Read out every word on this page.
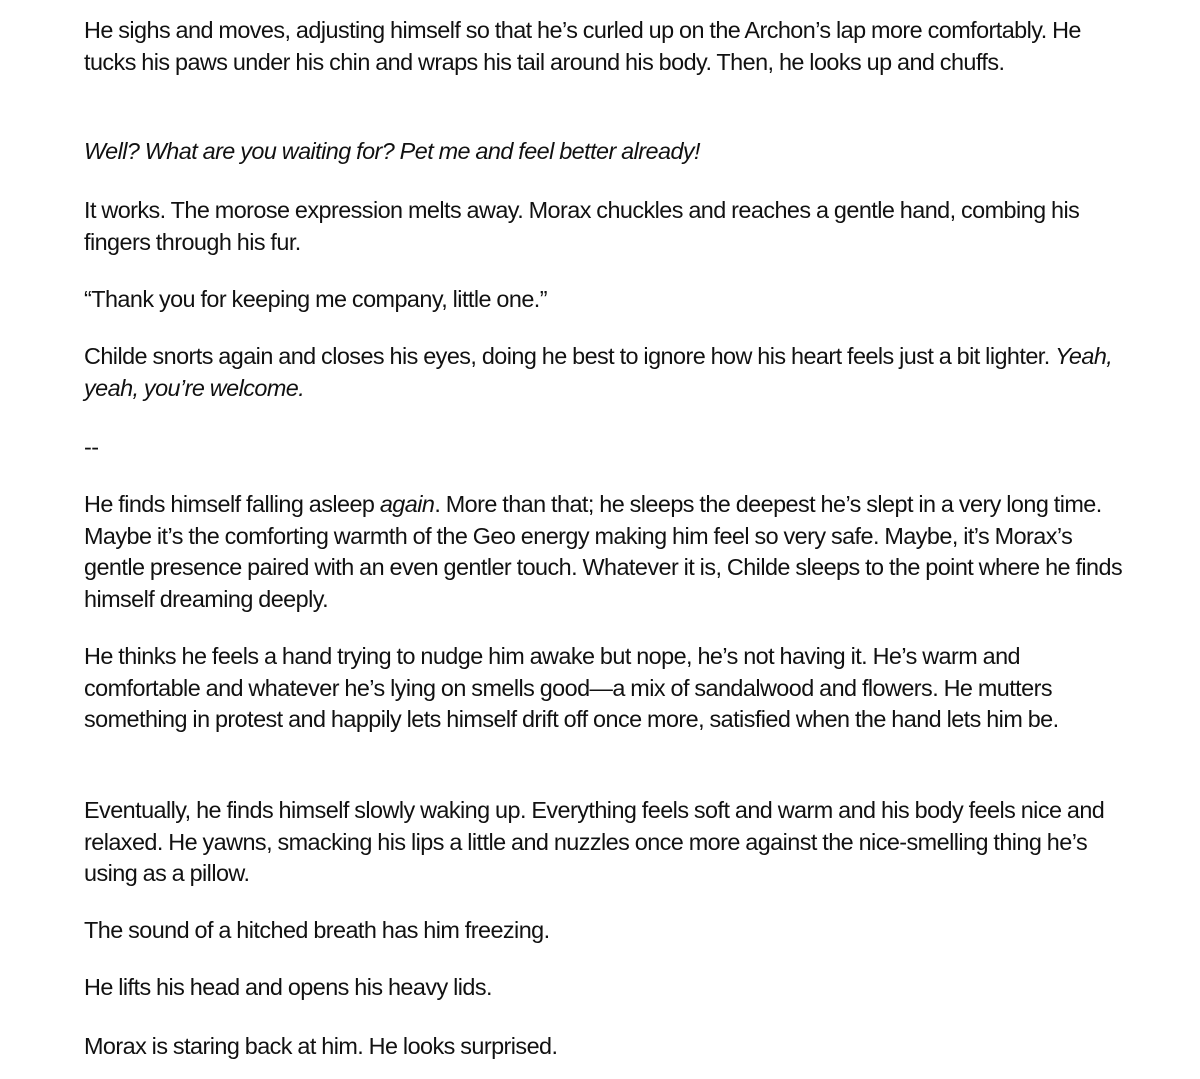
He sighs and moves, adjusting himself so that he’s curled up on the Archon’s lap more comfortably. He tucks his paws under his chin and wraps his tail around his body. Then, he looks up and chuffs.

Well? What are you waiting for? Pet me and feel better already!

It works. The morose expression melts away. Morax chuckles and reaches a gentle hand, combing his fingers through his fur.

“Thank you for keeping me company, little one.”

Childe snorts again and closes his eyes, doing he best to ignore how his heart feels just a bit lighter. Yeah, yeah, you’re welcome.

--

He finds himself falling asleep again. More than that; he sleeps the deepest he’s slept in a very long time. Maybe it’s the comforting warmth of the Geo energy making him feel so very safe. Maybe, it’s Morax’s gentle presence paired with an even gentler touch. Whatever it is, Childe sleeps to the point where he finds himself dreaming deeply.

He thinks he feels a hand trying to nudge him awake but nope, he’s not having it. He’s warm and comfortable and whatever he’s lying on smells good—a mix of sandalwood and flowers. He mutters something in protest and happily lets himself drift off once more, satisfied when the hand lets him be.

Eventually, he finds himself slowly waking up. Everything feels soft and warm and his body feels nice and relaxed. He yawns, smacking his lips a little and nuzzles once more against the nice-smelling thing he’s using as a pillow.

The sound of a hitched breath has him freezing.

He lifts his head and opens his heavy lids.

Morax is staring back at him. He looks surprised.
